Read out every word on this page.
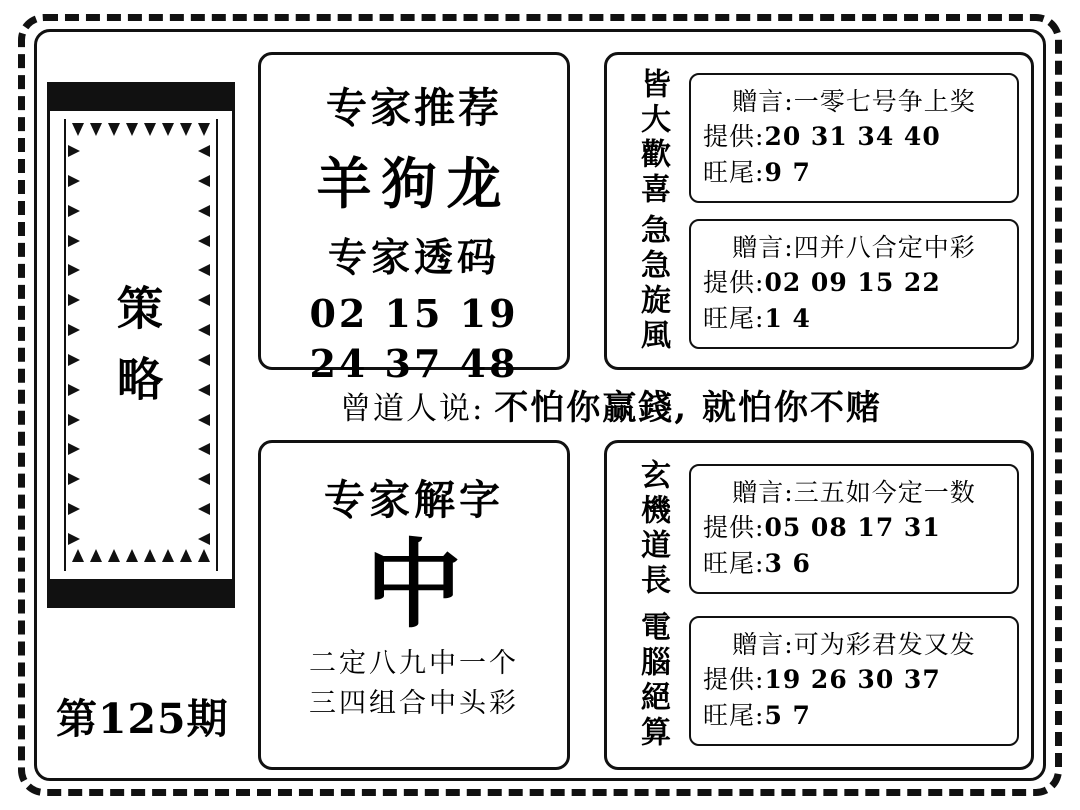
策
略
第125期
专家推荐
羊狗龙
专家透码
02 15 19
24 37 48
曾道人说: 不怕你赢錢, 就怕你不赌
专家解字
中
二定八九中一个
三四组合中头彩
皆大歡喜
急急旋風
贈言:一零七号争上奖
提供:20 31 34 40
旺尾:9 7
贈言:四并八合定中彩
提供:02 09 15 22
旺尾:1 4
玄機道長
電腦絕算
贈言:三五如今定一数
提供:05 08 17 31
旺尾:3 6
贈言:可为彩君发又发
提供:19 26 30 37
旺尾:5 7
